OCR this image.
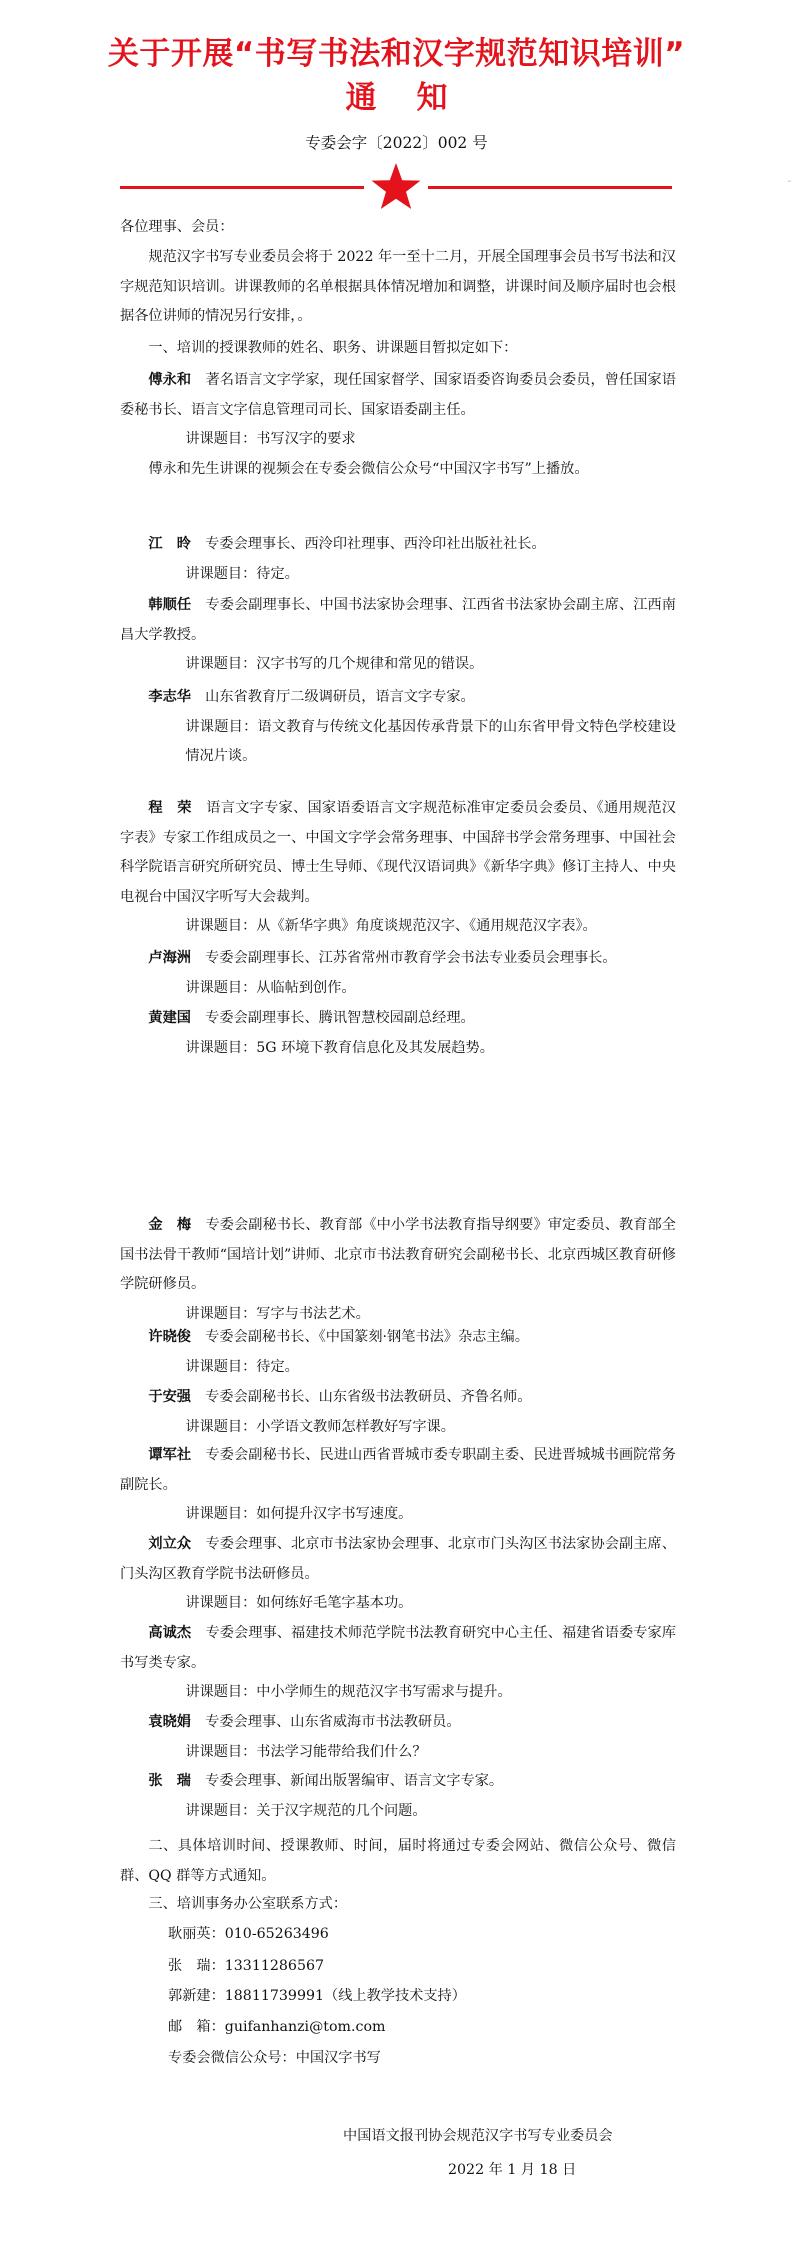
关于开展“书写书法和汉字规范知识培训”
通知
专委会字〔2022〕002 号
-
各位理事、会员：
规范汉字书写专业委员会将于 2022 年一至十二月，开展全国理事会员书写书法和汉字规范知识培训。讲课教师的名单根据具体情况增加和调整，讲课时间及顺序届时也会根据各位讲师的情况另行安排，。
一、培训的授课教师的姓名、职务、讲课题目暂拟定如下：
傅永和　 著名语言文字学家，现任国家督学、国家语委咨询委员会委员，曾任国家语委秘书长、语言文字信息管理司司长、国家语委副主任。
讲课题目：书写汉字的要求
傅永和先生讲课的视频会在专委会微信公众号“中国汉字书写”上播放。
江　昤　 专委会理事长、西泠印社理事、西泠印社出版社社长。
讲课题目：待定。
韩顺任　 专委会副理事长、中国书法家协会理事、江西省书法家协会副主席、江西南昌大学教授。
讲课题目：汉字书写的几个规律和常见的错误。
李志华　 山东省教育厅二级调研员，语言文字专家。
讲课题目：语文教育与传统文化基因传承背景下的山东省甲骨文特色学校建设情况片谈。
程　荣　 语言文字专家、国家语委语言文字规范标准审定委员会委员、《通用规范汉字表》专家工作组成员之一、中国文字学会常务理事、中国辞书学会常务理事、中国社会科学院语言研究所研究员、博士生导师、《现代汉语词典》《新华字典》修订主持人、中央电视台中国汉字听写大会裁判。
讲课题目：从《新华字典》角度谈规范汉字、《通用规范汉字表》。
卢海洲　 专委会副理事长、江苏省常州市教育学会书法专业委员会理事长。
讲课题目：从临帖到创作。
黄建国　 专委会副理事长、腾讯智慧校园副总经理。
讲课题目：5G 环境下教育信息化及其发展趋势。
金　梅　 专委会副秘书长、教育部《中小学书法教育指导纲要》审定委员、教育部全国书法骨干教师“国培计划”讲师、北京市书法教育研究会副秘书长、北京西城区教育研修学院研修员。
讲课题目：写字与书法艺术。
许晓俊　 专委会副秘书长、《中国篆刻·钢笔书法》杂志主编。
讲课题目：待定。
于安强　 专委会副秘书长、山东省级书法教研员、齐鲁名师。
讲课题目：小学语文教师怎样教好写字课。
谭军社　 专委会副秘书长、民进山西省晋城市委专职副主委、民进晋城城书画院常务副院长。
讲课题目：如何提升汉字书写速度。
刘立众　 专委会理事、北京市书法家协会理事、北京市门头沟区书法家协会副主席、门头沟区教育学院书法研修员。
讲课题目：如何练好毛笔字基本功。
高诚杰　 专委会理事、福建技术师范学院书法教育研究中心主任、福建省语委专家库书写类专家。
讲课题目：中小学师生的规范汉字书写需求与提升。
袁晓娟　 专委会理事、山东省威海市书法教研员。
讲课题目：书法学习能带给我们什么？
张　瑞　 专委会理事、新闻出版署编审、语言文字专家。
讲课题目：关于汉字规范的几个问题。
二、具体培训时间、授课教师、时间，届时将通过专委会网站、微信公众号、微信群、QQ 群等方式通知。
三、培训事务办公室联系方式：
耿丽英：010-65263496
张　瑞：13311286567
郭新建：18811739991（线上教学技术支持）
邮　箱：guifanhanzi@tom.com
专委会微信公众号：中国汉字书写
中国语文报刊协会规范汉字书写专业委员会
2022 年 1 月 18 日
